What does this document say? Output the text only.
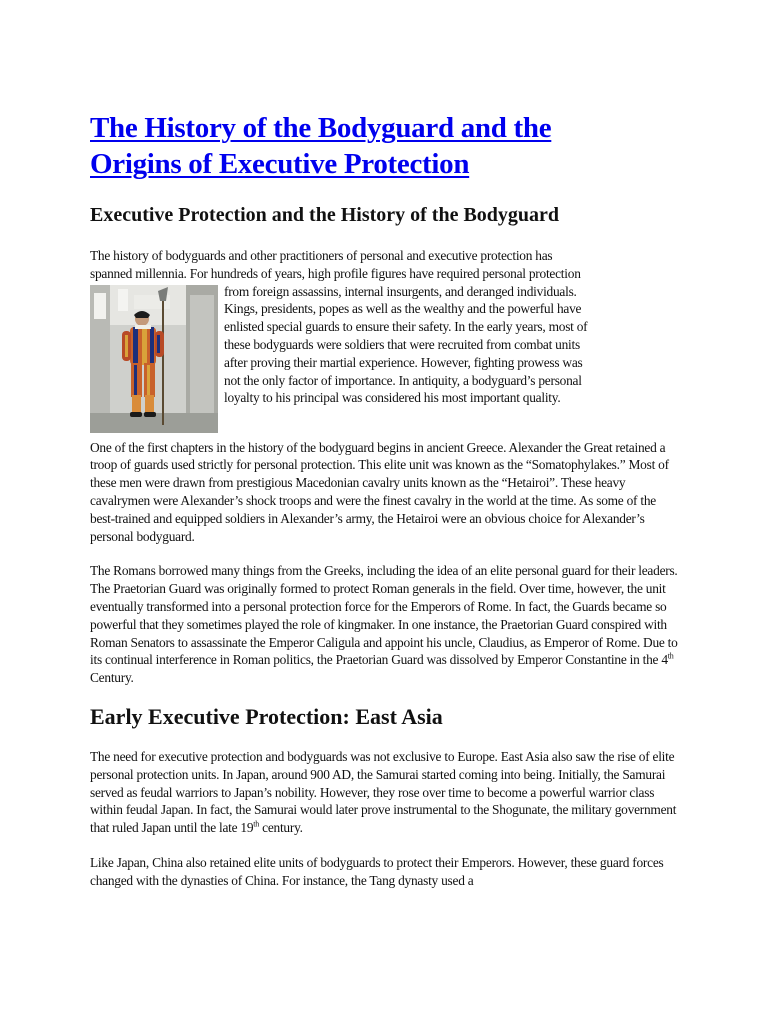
The History of the Bodyguard and the
Origins of Executive Protection
Executive Protection and the History of the Bodyguard

The history of bodyguards and other practitioners of personal and executive protection has
spanned millennia. For hundreds of years, high profile figures have required personal protection

from foreign assassins, internal insurgents, and deranged individuals.
Kings, presidents, popes as well as the wealthy and the powerful have
enlisted special guards to ensure their safety. In the early years, most of
these bodyguards were soldiers that were recruited from combat units
after proving their martial experience. However, fighting prowess was
not the only factor of importance. In antiquity, a bodyguard’s personal
loyalty to his principal was considered his most important quality.

One of the first chapters in the history of the bodyguard begins in ancient Greece. Alexander the Great retained a troop of guards used strictly for personal protection. This elite unit was known as the “Somatophylakes.” Most of these men were drawn from prestigious Macedonian cavalry units known as the “Hetairoi”. These heavy cavalrymen were Alexander’s shock troops and were the finest cavalry in the world at the time. As some of the best-trained and equipped soldiers in Alexander’s army, the Hetairoi were an obvious choice for Alexander’s personal bodyguard.

The Romans borrowed many things from the Greeks, including the idea of an elite personal guard for their leaders. The Praetorian Guard was originally formed to protect Roman generals in the field. Over time, however, the unit eventually transformed into a personal protection force for the Emperors of Rome. In fact, the Guards became so powerful that they sometimes played the role of kingmaker. In one instance, the Praetorian Guard conspired with Roman Senators to assassinate the Emperor Caligula and appoint his uncle, Claudius, as Emperor of Rome. Due to its continual interference in Roman politics, the Praetorian Guard was dissolved by Emperor Constantine in the 4th Century.

Early Executive Protection: East Asia

The need for executive protection and bodyguards was not exclusive to Europe. East Asia also saw the rise of elite personal protection units. In Japan, around 900 AD, the Samurai started coming into being. Initially, the Samurai served as feudal warriors to Japan’s nobility. However, they rose over time to become a powerful warrior class within feudal Japan. In fact, the Samurai would later prove instrumental to the Shogunate, the military government that ruled Japan until the late 19th century.

Like Japan, China also retained elite units of bodyguards to protect their Emperors. However, these guard forces changed with the dynasties of China. For instance, the Tang dynasty used a
